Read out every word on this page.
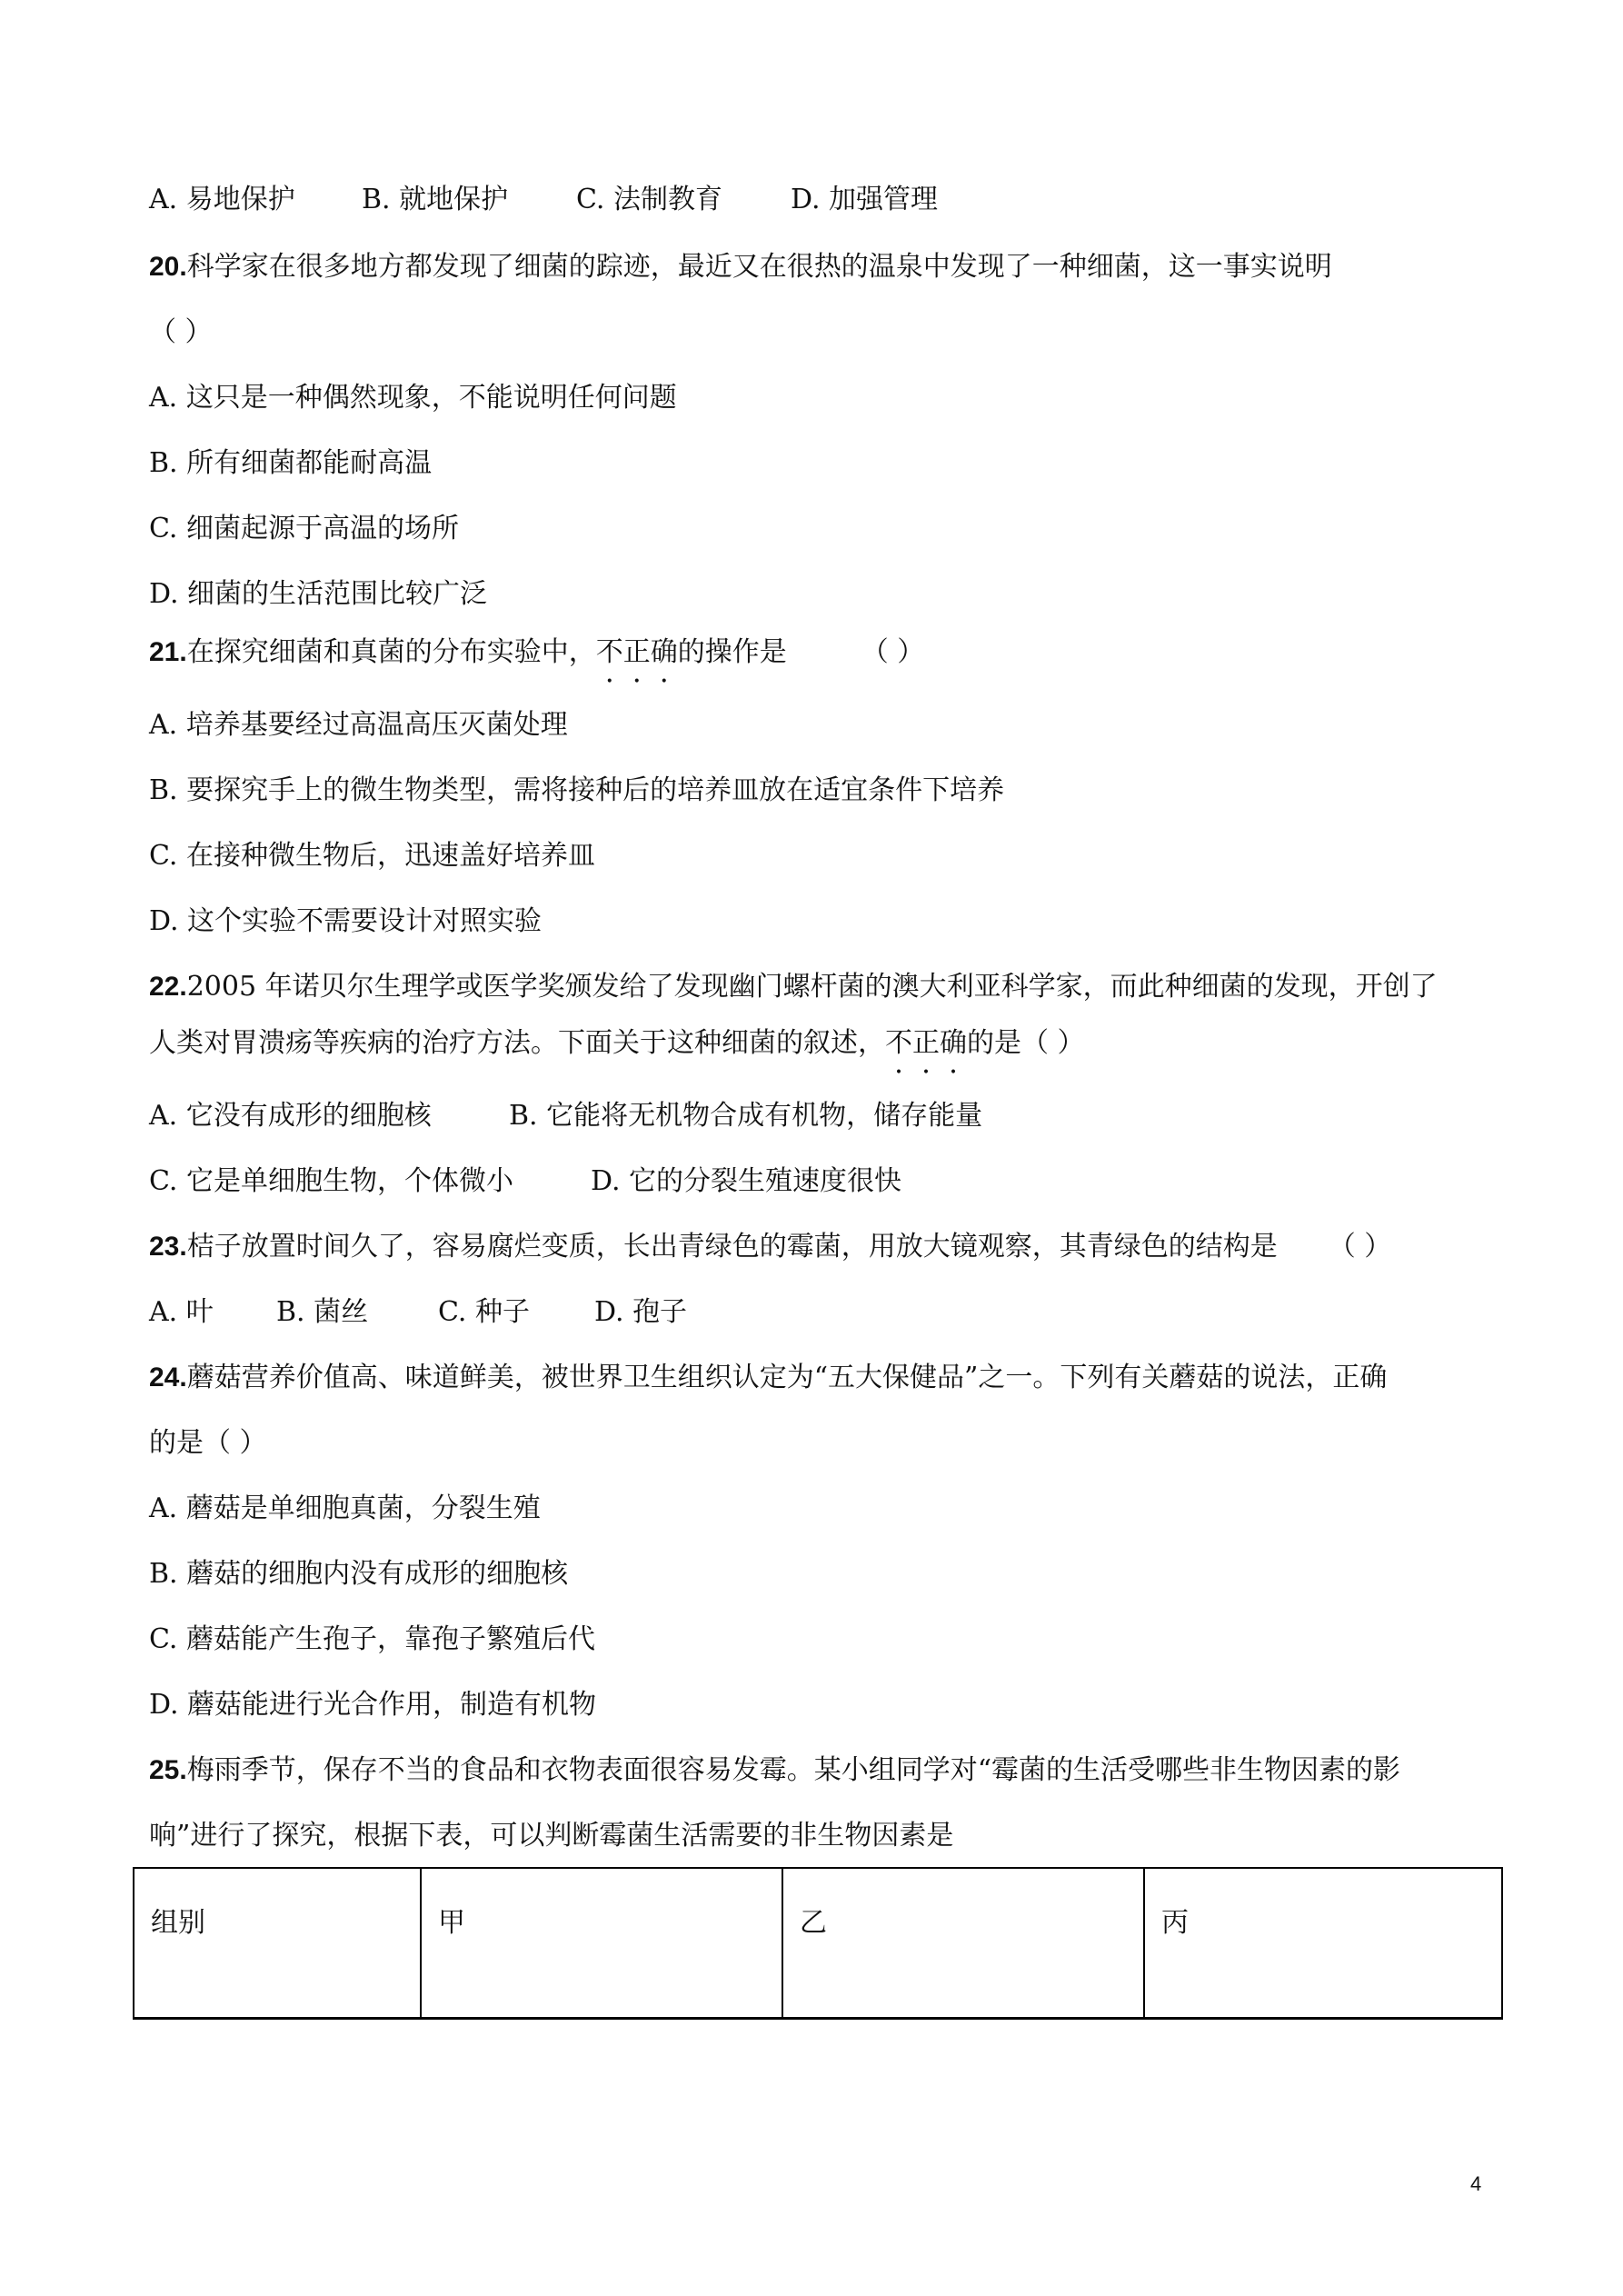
A. 易地保护 B. 就地保护 C. 法制教育	D. 加强管理
20.科学家在很多地方都发现了细菌的踪迹，最近又在很热的温泉中发现了一种细菌，这一事实说明
（ ）
A. 这只是一种偶然现象，不能说明任何问题
B. 所有细菌都能耐高温
C. 细菌起源于高温的场所
D. 细菌的生活范围比较广泛
21.在探究细菌和真菌的分布实验中，不正确的操作是	（ ）
A. 培养基要经过高温高压灭菌处理
B. 要探究手上的微生物类型，需将接种后的培养皿放在适宜条件下培养
C. 在接种微生物后，迅速盖好培养皿
D. 这个实验不需要设计对照实验
22.2005 年诺贝尔生理学或医学奖颁发给了发现幽门螺杆菌的澳大利亚科学家，而此种细菌的发现，开创了
人类对胃溃疡等疾病的治疗方法。下面关于这种细菌的叙述，不正确的是（ ）
A. 它没有成形的细胞核	B. 它能将无机物合成有机物，储存能量
C. 它是单细胞生物，个体微小	D. 它的分裂生殖速度很快
23.桔子放置时间久了，容易腐烂变质，长出青绿色的霉菌，用放大镜观察，其青绿色的结构是 （ ）
A. 叶 B. 菌丝	C. 种子 D. 孢子
24.蘑菇营养价值高、味道鲜美，被世界卫生组织认定为“五大保健品”之一。下列有关蘑菇的说法，正确
的是（ ）
A. 蘑菇是单细胞真菌，分裂生殖
B. 蘑菇的细胞内没有成形的细胞核
C. 蘑菇能产生孢子，靠孢子繁殖后代
D. 蘑菇能进行光合作用，制造有机物
25.梅雨季节，保存不当的食品和衣物表面很容易发霉。某小组同学对“霉菌的生活受哪些非生物因素的影
响”进行了探究，根据下表，可以判断霉菌生活需要的非生物因素是
组别	甲	乙	丙
4
